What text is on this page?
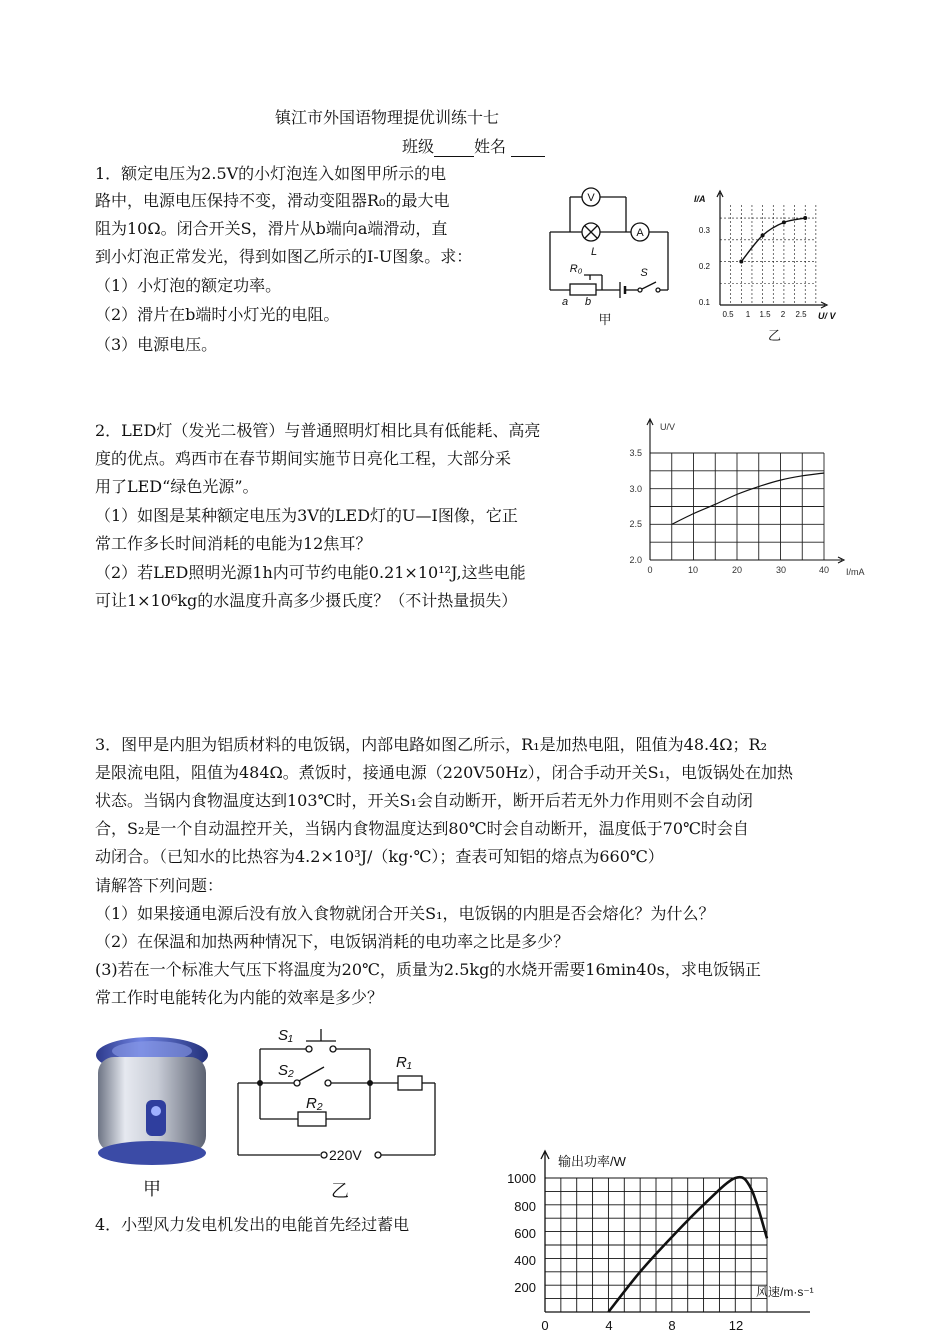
镇江市外国语物理提优训练十七
班级	姓名
1．额定电压为2.5V的小灯泡连入如图甲所示的电
路中，电源电压保持不变，滑动变阻器R₀的最大电
阻为10Ω。闭合开关S，滑片从b端向a端滑动，直
到小灯泡正常发光，得到如图乙所示的I-U图象。求：
（1）小灯泡的额定功率。
（2）滑片在b端时小灯光的电阻。
（3）电源电压。
V
A
L
R₀	S
a b
甲
I/A
U/ V
0.3
0.2
0.1
0.5 1 1.5 2 2.5
乙
2．LED灯（发光二极管）与普通照明灯相比具有低能耗、高亮
度的优点。鸡西市在春节期间实施节日亮化工程，大部分采
用了LED“绿色光源”。
（1）如图是某种额定电压为3V的LED灯的U—I图像，它正
常工作多长时间消耗的电能为12焦耳？
（2）若LED照明光源1h内可节约电能0.21×10¹²J,这些电能
可让1×10⁶kg的水温度升高多少摄氏度？（不计热量损失）
U/V
I/mA
2.0
2.5
3.0
3.5
0	10	20	30	40
3．图甲是内胆为铝质材料的电饭锅，内部电路如图乙所示，R₁是加热电阻，阻值为48.4Ω；R₂
是限流电阻，阻值为484Ω。煮饭时，接通电源（220V50Hz），闭合手动开关S₁，电饭锅处在加热
状态。当锅内食物温度达到103℃时，开关S₁会自动断开，断开后若无外力作用则不会自动闭
合，S₂是一个自动温控开关，当锅内食物温度达到80℃时会自动断开，温度低于70℃时会自
动闭合。（已知水的比热容为4.2×10³J/（kg·℃）；查表可知铝的熔点为660℃）
请解答下列问题：
（1）如果接通电源后没有放入食物就闭合开关S₁，电饭锅的内胆是否会熔化？为什么？
（2）在保温和加热两种情况下，电饭锅消耗的电功率之比是多少？
(3)若在一个标准大气压下将温度为20℃，质量为2.5kg的水烧开需要16min40s，求电饭锅正
常工作时电能转化为内能的效率是多少？
甲
S₁
S₂	R₁
R₂
220V
乙
4．小型风力发电机发出的电能首先经过蓄电
输出功率/W
风速/m·s⁻¹
200
400
600
800
1000
0	4	8	12
